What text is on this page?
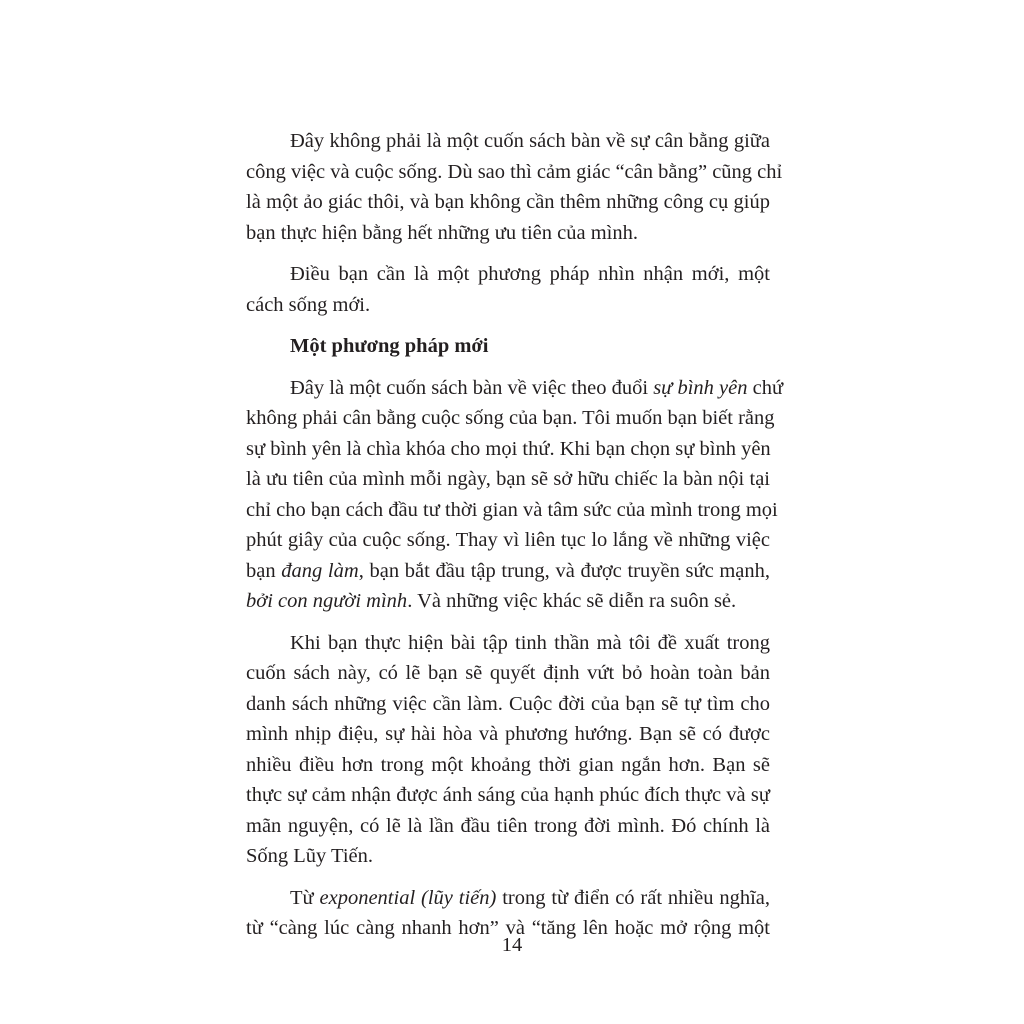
Đây không phải là một cuốn sách bàn về sự cân bằng giữa
công việc và cuộc sống. Dù sao thì cảm giác “cân bằng” cũng chỉ
là một ảo giác thôi, và bạn không cần thêm những công cụ giúp
bạn thực hiện bằng hết những ưu tiên của mình.
Điều bạn cần là một phương pháp nhìn nhận mới, một
cách sống mới.
Một phương pháp mới
Đây là một cuốn sách bàn về việc theo đuổi sự bình yên chứ
không phải cân bằng cuộc sống của bạn. Tôi muốn bạn biết rằng
sự bình yên là chìa khóa cho mọi thứ. Khi bạn chọn sự bình yên
là ưu tiên của mình mỗi ngày, bạn sẽ sở hữu chiếc la bàn nội tại
chỉ cho bạn cách đầu tư thời gian và tâm sức của mình trong mọi
phút giây của cuộc sống. Thay vì liên tục lo lắng về những việc
bạn đang làm, bạn bắt đầu tập trung, và được truyền sức mạnh,
bởi con người mình. Và những việc khác sẽ diễn ra suôn sẻ.
Khi bạn thực hiện bài tập tinh thần mà tôi đề xuất trong
cuốn sách này, có lẽ bạn sẽ quyết định vứt bỏ hoàn toàn bản
danh sách những việc cần làm. Cuộc đời của bạn sẽ tự tìm cho
mình nhịp điệu, sự hài hòa và phương hướng. Bạn sẽ có được
nhiều điều hơn trong một khoảng thời gian ngắn hơn. Bạn sẽ
thực sự cảm nhận được ánh sáng của hạnh phúc đích thực và sự
mãn nguyện, có lẽ là lần đầu tiên trong đời mình. Đó chính là
Sống Lũy Tiến.
Từ exponential (lũy tiến) trong từ điển có rất nhiều nghĩa,
từ “càng lúc càng nhanh hơn” và “tăng lên hoặc mở rộng một
14
